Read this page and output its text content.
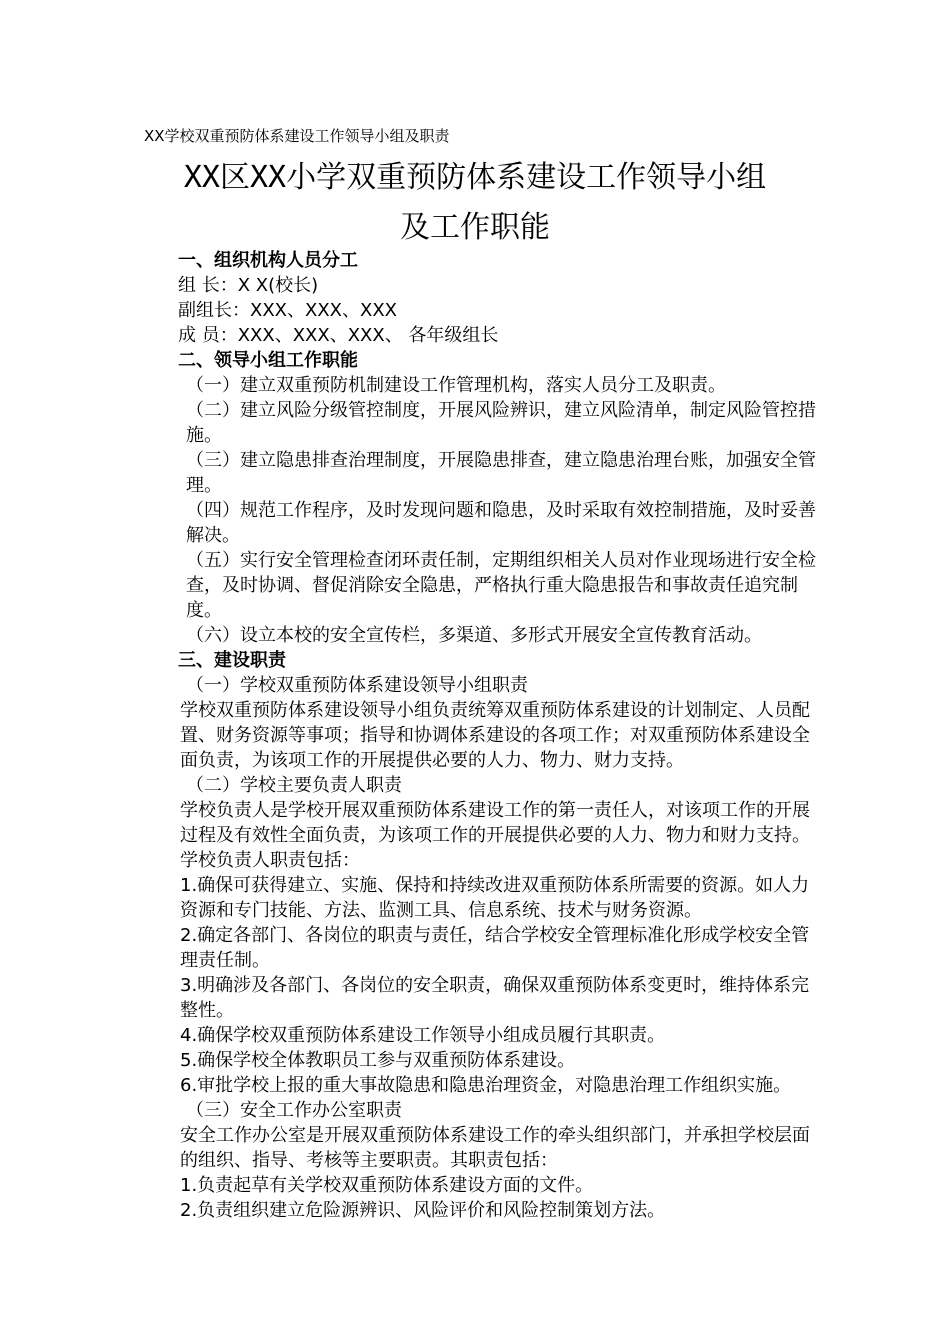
XX学校双重预防体系建设工作领导小组及职责
XX区XX小学双重预防体系建设工作领导小组
及工作职能

一、组织机构人员分工

组 长：X X(校长)

副组长：XXX、XXX、XXX

成 员：XXX、XXX、XXX、 各年级组长

二、领导小组工作职能

（一）建立双重预防机制建设工作管理机构，落实人员分工及职责。

（二）建立风险分级管控制度，开展风险辨识，建立风险清单，制定风险管控措施。

（三）建立隐患排查治理制度，开展隐患排查，建立隐患治理台账，加强安全管理。

（四）规范工作程序，及时发现问题和隐患，及时采取有效控制措施，及时妥善解决。

（五）实行安全管理检查闭环责任制，定期组织相关人员对作业现场进行安全检查，及时协调、督促消除安全隐患，严格执行重大隐患报告和事故责任追究制度。

（六）设立本校的安全宣传栏，多渠道、多形式开展安全宣传教育活动。

三、建设职责

（一）学校双重预防体系建设领导小组职责

学校双重预防体系建设领导小组负责统筹双重预防体系建设的计划制定、人员配置、财务资源等事项；指导和协调体系建设的各项工作；对双重预防体系建设全面负责，为该项工作的开展提供必要的人力、物力、财力支持。

（二）学校主要负责人职责

学校负责人是学校开展双重预防体系建设工作的第一责任人，对该项工作的开展过程及有效性全面负责，为该项工作的开展提供必要的人力、物力和财力支持。学校负责人职责包括：

1.确保可获得建立、实施、保持和持续改进双重预防体系所需要的资源。如人力资源和专门技能、方法、监测工具、信息系统、技术与财务资源。

2.确定各部门、各岗位的职责与责任，结合学校安全管理标准化形成学校安全管理责任制。

3.明确涉及各部门、各岗位的安全职责，确保双重预防体系变更时，维持体系完整性。

4.确保学校双重预防体系建设工作领导小组成员履行其职责。

5.确保学校全体教职员工参与双重预防体系建设。

6.审批学校上报的重大事故隐患和隐患治理资金，对隐患治理工作组织实施。

（三）安全工作办公室职责

安全工作办公室是开展双重预防体系建设工作的牵头组织部门，并承担学校层面的组织、指导、考核等主要职责。其职责包括：

1.负责起草有关学校双重预防体系建设方面的文件。

2.负责组织建立危险源辨识、风险评价和风险控制策划方法。
